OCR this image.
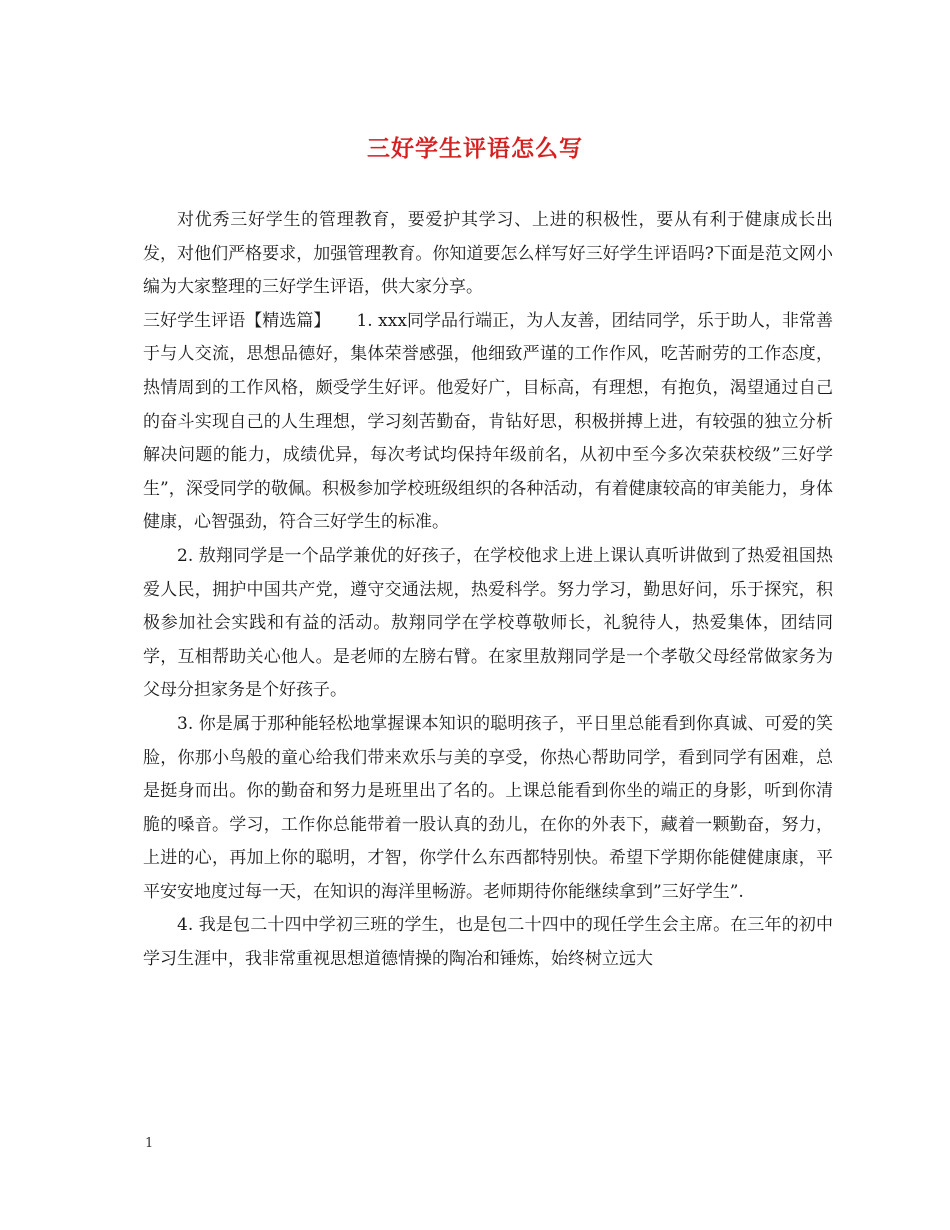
三好学生评语怎么写

对优秀三好学生的管理教育，要爱护其学习、上进的积极性，要从有利于健康成长出发，对他们严格要求，加强管理教育。你知道要怎么样写好三好学生评语吗?下面是范文网小编为大家整理的三好学生评语，供大家分享。

三好学生评语【精选篇】 1. xxx同学品行端正，为人友善，团结同学，乐于助人，非常善于与人交流，思想品德好，集体荣誉感强，他细致严谨的工作作风，吃苦耐劳的工作态度，热情周到的工作风格，颇受学生好评。他爱好广，目标高，有理想，有抱负，渴望通过自己的奋斗实现自己的人生理想，学习刻苦勤奋，肯钻好思，积极拼搏上进，有较强的独立分析解决问题的能力，成绩优异，每次考试均保持年级前名，从初中至今多次荣获校级”三好学生”，深受同学的敬佩。积极参加学校班级组织的各种活动，有着健康较高的审美能力，身体健康，心智强劲，符合三好学生的标准。

2. 敖翔同学是一个品学兼优的好孩子，在学校他求上进上课认真听讲做到了热爱祖国热爱人民，拥护中国共产党，遵守交通法规，热爱科学。努力学习，勤思好问，乐于探究，积极参加社会实践和有益的活动。敖翔同学在学校尊敬师长，礼貌待人，热爱集体，团结同学，互相帮助关心他人。是老师的左膀右臂。在家里敖翔同学是一个孝敬父母经常做家务为父母分担家务是个好孩子。

3. 你是属于那种能轻松地掌握课本知识的聪明孩子，平日里总能看到你真诚、可爱的笑脸，你那小鸟般的童心给我们带来欢乐与美的享受，你热心帮助同学，看到同学有困难，总是挺身而出。你的勤奋和努力是班里出了名的。上课总能看到你坐的端正的身影，听到你清脆的嗓音。学习，工作你总能带着一股认真的劲儿，在你的外表下，藏着一颗勤奋，努力，上进的心，再加上你的聪明，才智，你学什么东西都特别快。希望下学期你能健健康康，平平安安地度过每一天，在知识的海洋里畅游。老师期待你能继续拿到”三好学生”.

4. 我是包二十四中学初三班的学生，也是包二十四中的现任学生会主席。在三年的初中学习生涯中，我非常重视思想道德情操的陶冶和锤炼，始终树立远大

1
